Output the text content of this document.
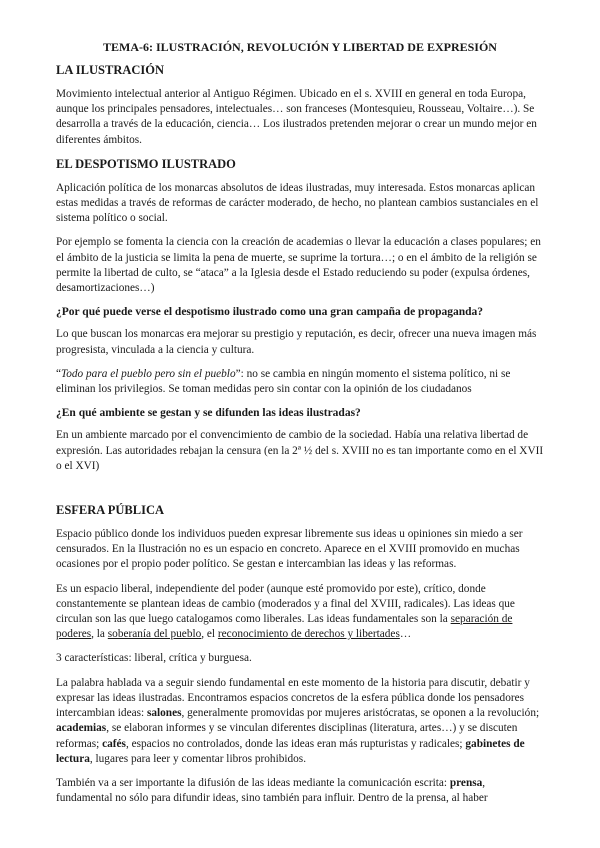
TEMA-6: ILUSTRACIÓN, REVOLUCIÓN Y LIBERTAD DE EXPRESIÓN
LA ILUSTRACIÓN

Movimiento intelectual anterior al Antiguo Régimen. Ubicado en el s. XVIII en general en toda Europa, aunque los principales pensadores, intelectuales… son franceses (Montesquieu, Rousseau, Voltaire…). Se desarrolla a través de la educación, ciencia… Los ilustrados pretenden mejorar o crear un mundo mejor en diferentes ámbitos.

EL DESPOTISMO ILUSTRADO

Aplicación política de los monarcas absolutos de ideas ilustradas, muy interesada. Estos monarcas aplican estas medidas a través de reformas de carácter moderado, de hecho, no plantean cambios sustanciales en el sistema político o social.

Por ejemplo se fomenta la ciencia con la creación de academias o llevar la educación a clases populares; en el ámbito de la justicia se limita la pena de muerte, se suprime la tortura…; o en el ámbito de la religión se permite la libertad de culto, se “ataca” a la Iglesia desde el Estado reduciendo su poder (expulsa órdenes, desamortizaciones…)

¿Por qué puede verse el despotismo ilustrado como una gran campaña de propaganda?

Lo que buscan los monarcas era mejorar su prestigio y reputación, es decir, ofrecer una nueva imagen más progresista, vinculada a la ciencia y cultura.

“Todo para el pueblo pero sin el pueblo”: no se cambia en ningún momento el sistema político, ni se eliminan los privilegios. Se toman medidas pero sin contar con la opinión de los ciudadanos

¿En qué ambiente se gestan y se difunden las ideas ilustradas?

En un ambiente marcado por el convencimiento de cambio de la sociedad. Había una relativa libertad de expresión. Las autoridades rebajan la censura (en la 2ª ½ del s. XVIII no es tan importante como en el XVII o el XVI)

ESFERA PÚBLICA

Espacio público donde los individuos pueden expresar libremente sus ideas u opiniones sin miedo a ser censurados. En la Ilustración no es un espacio en concreto. Aparece en el XVIII promovido en muchas ocasiones por el propio poder político. Se gestan e intercambian las ideas y las reformas.

Es un espacio liberal, independiente del poder (aunque esté promovido por este), crítico, donde constantemente se plantean ideas de cambio (moderados y a final del XVIII, radicales). Las ideas que circulan son las que luego catalogamos como liberales. Las ideas fundamentales son la separación de poderes, la soberanía del pueblo, el reconocimiento de derechos y libertades…

3 características: liberal, crítica y burguesa.

La palabra hablada va a seguir siendo fundamental en este momento de la historia para discutir, debatir y expresar las ideas ilustradas. Encontramos espacios concretos de la esfera pública donde los pensadores intercambian ideas: salones, generalmente promovidas por mujeres aristócratas, se oponen a la revolución; academias, se elaboran informes y se vinculan diferentes disciplinas (literatura, artes…) y se discuten reformas; cafés, espacios no controlados, donde las ideas eran más rupturistas y radicales; gabinetes de lectura, lugares para leer y comentar libros prohibidos.

También va a ser importante la difusión de las ideas mediante la comunicación escrita: prensa, fundamental no sólo para difundir ideas, sino también para influir. Dentro de la prensa, al haber
